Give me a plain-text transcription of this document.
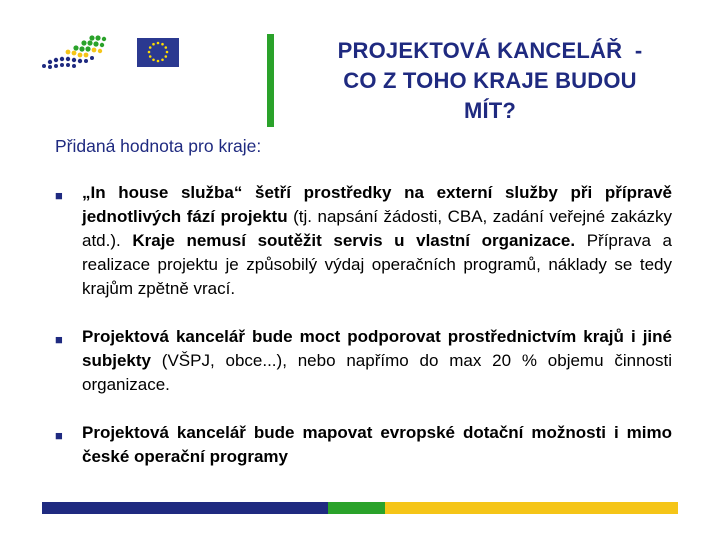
PROJEKTOVÁ KANCELÁŘ  -
CO Z TOHO KRAJE BUDOU
MÍT?
Přidaná hodnota pro kraje:
■ „In house služba“ šetří prostředky na externí služby při přípravě jednotlivých fází projektu (tj. napsání žádosti, CBA, zadání veřejné zakázky atd.). Kraje nemusí soutěžit servis u vlastní organizace. Příprava a realizace projektu je způsobilý výdaj operačních programů, náklady se tedy krajům zpětně vrací.
■ Projektová kancelář bude moct podporovat prostřednictvím krajů i jiné subjekty (VŠPJ, obce...), nebo napřímo do max 20 % objemu činnosti organizace.
■ Projektová kancelář bude mapovat evropské dotační možnosti i mimo české operační programy
